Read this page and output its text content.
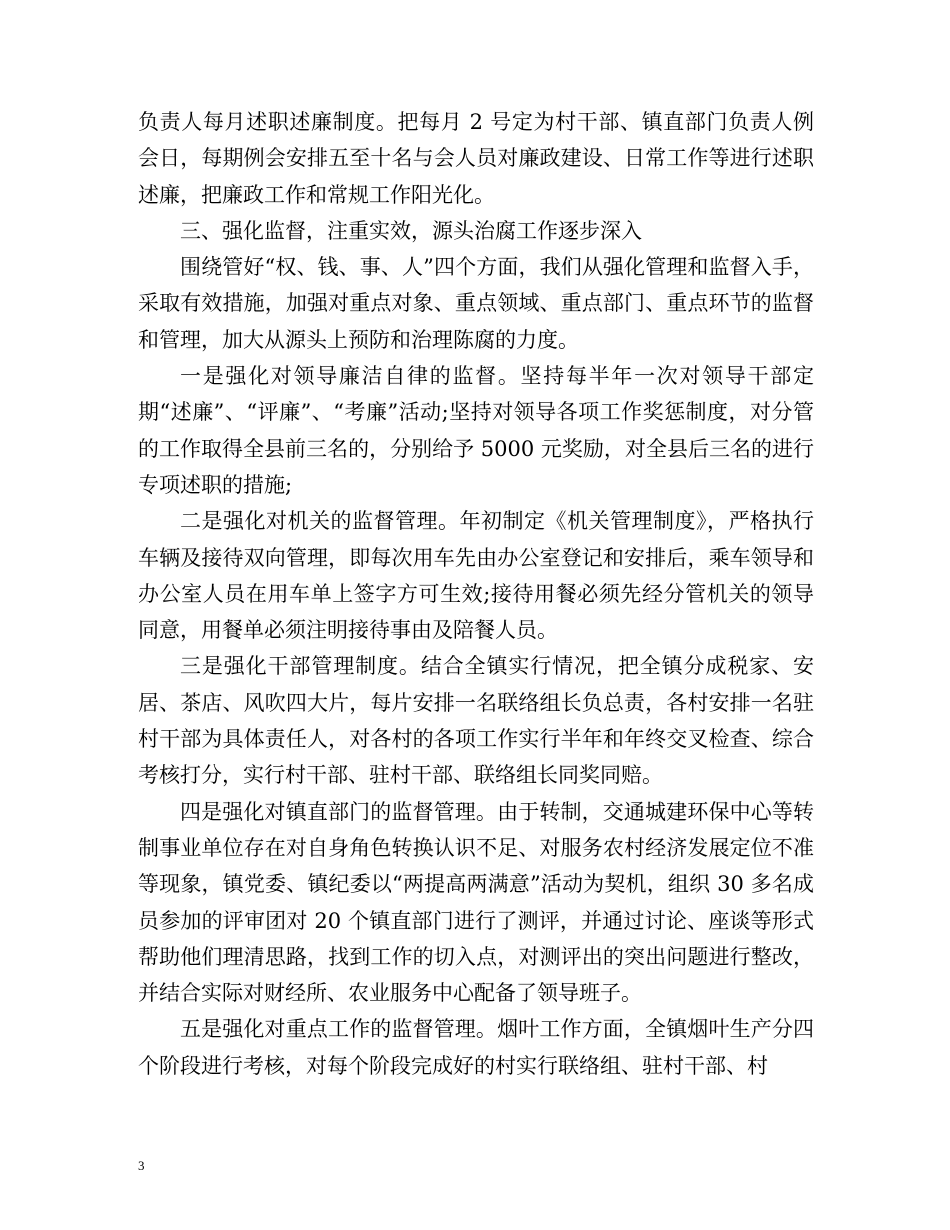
负责人每月述职述廉制度。把每月 2 号定为村干部、镇直部门负责人例会日，每期例会安排五至十名与会人员对廉政建设、日常工作等进行述职述廉，把廉政工作和常规工作阳光化。

三、强化监督，注重实效，源头治腐工作逐步深入

围绕管好“权、钱、事、人”四个方面，我们从强化管理和监督入手，采取有效措施，加强对重点对象、重点领域、重点部门、重点环节的监督和管理，加大从源头上预防和治理陈腐的力度。

一是强化对领导廉洁自律的监督。坚持每半年一次对领导干部定期“述廉”、“评廉”、“考廉”活动;坚持对领导各项工作奖惩制度，对分管的工作取得全县前三名的，分别给予 5000 元奖励，对全县后三名的进行专项述职的措施;

二是强化对机关的监督管理。年初制定《机关管理制度》，严格执行车辆及接待双向管理，即每次用车先由办公室登记和安排后，乘车领导和办公室人员在用车单上签字方可生效;接待用餐必须先经分管机关的领导同意，用餐单必须注明接待事由及陪餐人员。

三是强化干部管理制度。结合全镇实行情况，把全镇分成税家、安居、茶店、风吹四大片，每片安排一名联络组长负总责，各村安排一名驻村干部为具体责任人，对各村的各项工作实行半年和年终交叉检查、综合考核打分，实行村干部、驻村干部、联络组长同奖同赔。

四是强化对镇直部门的监督管理。由于转制，交通城建环保中心等转制事业单位存在对自身角色转换认识不足、对服务农村经济发展定位不准等现象，镇党委、镇纪委以“两提高两满意”活动为契机，组织 30 多名成员参加的评审团对 20 个镇直部门进行了测评，并通过讨论、座谈等形式帮助他们理清思路，找到工作的切入点，对测评出的突出问题进行整改，并结合实际对财经所、农业服务中心配备了领导班子。

五是强化对重点工作的监督管理。烟叶工作方面，全镇烟叶生产分四个阶段进行考核，对每个阶段完成好的村实行联络组、驻村干部、村

3
